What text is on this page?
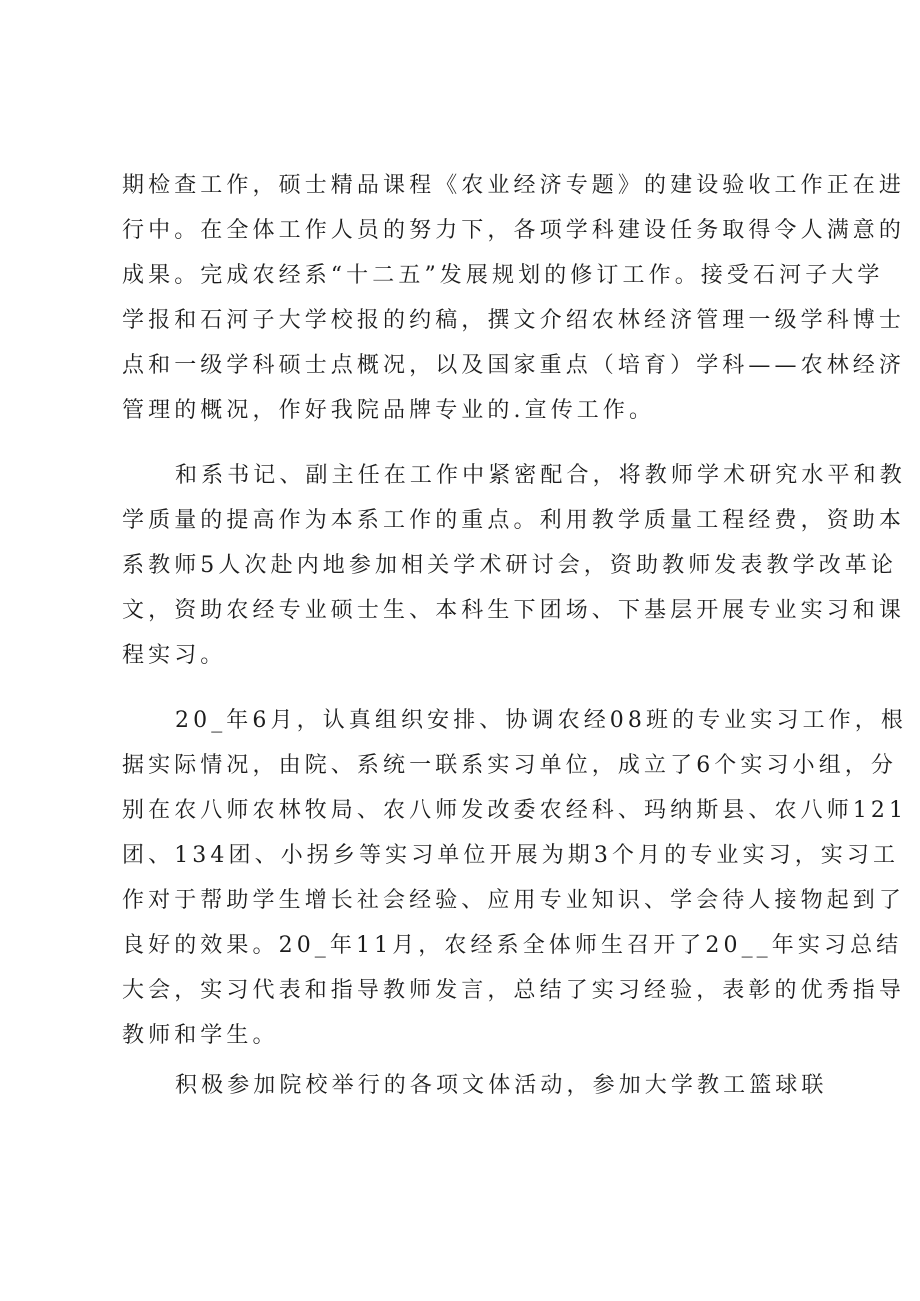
期检查工作，硕士精品课程《农业经济专题》的建设验收工作正在进
行中。在全体工作人员的努力下，各项学科建设任务取得令人满意的
成果。完成农经系“十二五”发展规划的修订工作。接受石河子大学
学报和石河子大学校报的约稿，撰文介绍农林经济管理一级学科博士
点和一级学科硕士点概况，以及国家重点（培育）学科——农林经济
管理的概况，作好我院品牌专业的.宣传工作。
和系书记、副主任在工作中紧密配合，将教师学术研究水平和教
学质量的提高作为本系工作的重点。利用教学质量工程经费，资助本
系教师5人次赴内地参加相关学术研讨会，资助教师发表教学改革论
文，资助农经专业硕士生、本科生下团场、下基层开展专业实习和课
程实习。
20_年6月，认真组织安排、协调农经08班的专业实习工作，根
据实际情况，由院、系统一联系实习单位，成立了6个实习小组，分
别在农八师农林牧局、农八师发改委农经科、玛纳斯县、农八师121
团、134团、小拐乡等实习单位开展为期3个月的专业实习，实习工
作对于帮助学生增长社会经验、应用专业知识、学会待人接物起到了
良好的效果。20_年11月，农经系全体师生召开了20__年实习总结
大会，实习代表和指导教师发言，总结了实习经验，表彰的优秀指导
教师和学生。
积极参加院校举行的各项文体活动，参加大学教工篮球联
